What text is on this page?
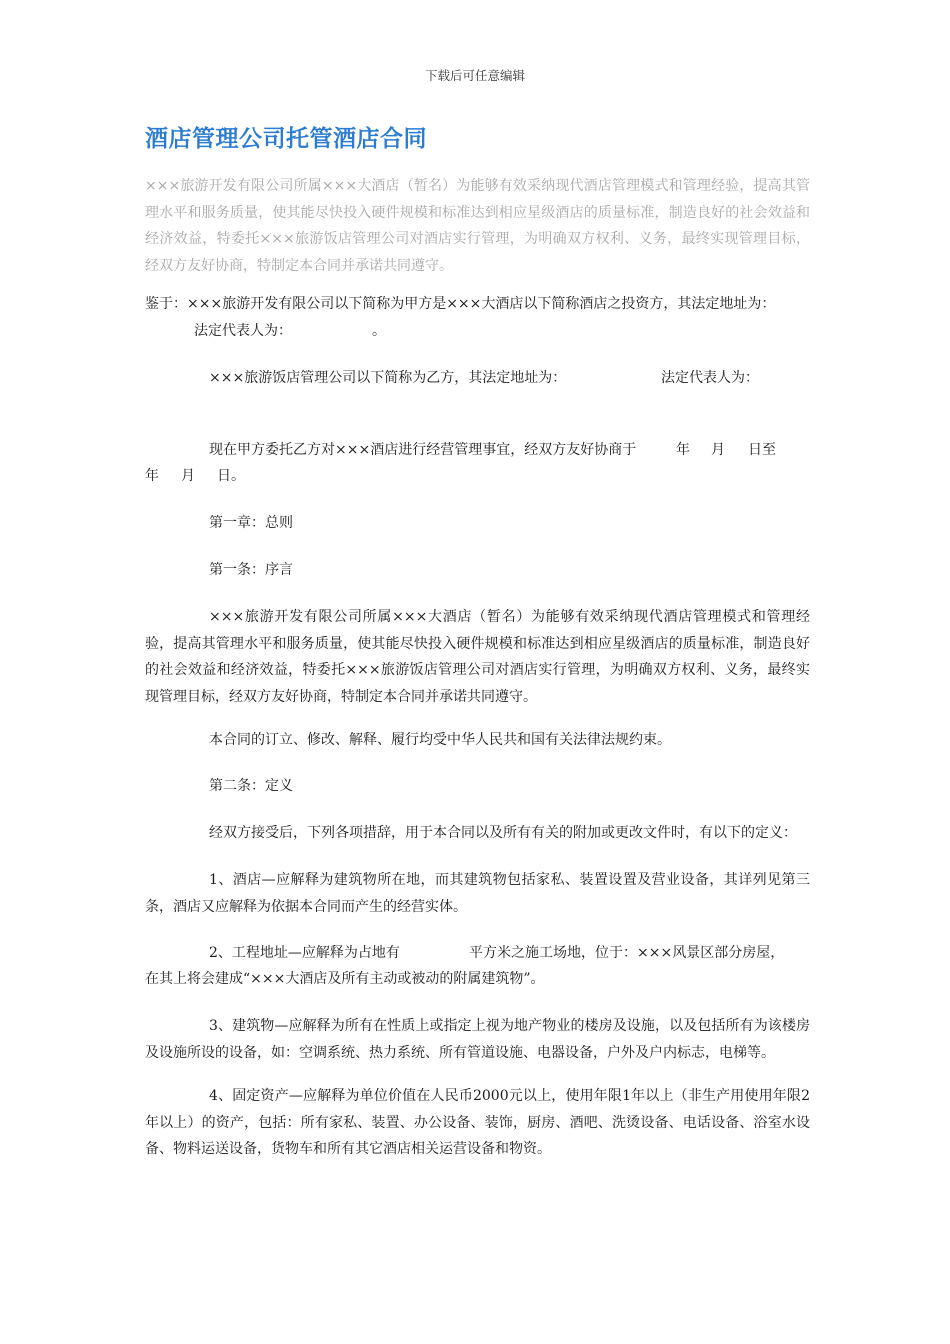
下载后可任意编辑
酒店管理公司托管酒店合同
×××旅游开发有限公司所属×××大酒店（暂名）为能够有效采纳现代酒店管理模式和管理经验，提高其管理水平和服务质量，使其能尽快投入硬件规模和标准达到相应星级酒店的质量标准，制造良好的社会效益和经济效益，特委托×××旅游饭店管理公司对酒店实行管理，为明确双方权利、义务，最终实现管理目标，经双方友好协商，特制定本合同并承诺共同遵守。
鉴于：×××旅游开发有限公司以下简称为甲方是×××大酒店以下简称酒店之投资方，其法定地址为：
法定代表人为：	。
×××旅游饭店管理公司以下简称为乙方，其法定地址为：	法定代表人为：
现在甲方委托乙方对×××酒店进行经营管理事宜，经双方友好协商于	年 月 日至
年 月 日。
第一章：总则
第一条：序言
×××旅游开发有限公司所属×××大酒店（暂名）为能够有效采纳现代酒店管理模式和管理经验，提高其管理水平和服务质量，使其能尽快投入硬件规模和标准达到相应星级酒店的质量标准，制造良好的社会效益和经济效益，特委托×××旅游饭店管理公司对酒店实行管理，为明确双方权利、义务，最终实现管理目标，经双方友好协商，特制定本合同并承诺共同遵守。
本合同的订立、修改、解释、履行均受中华人民共和国有关法律法规约束。
第二条：定义
经双方接受后，下列各项措辞，用于本合同以及所有有关的附加或更改文件时，有以下的定义：
1、酒店—应解释为建筑物所在地，而其建筑物包括家私、装置设置及营业设备，其详列见第三条，酒店又应解释为依据本合同而产生的经营实体。
2、工程地址—应解释为占地有	平方米之施工场地，位于：×××风景区部分房屋，
在其上将会建成“×××大酒店及所有主动或被动的附属建筑物”。
3、建筑物—应解释为所有在性质上或指定上视为地产物业的楼房及设施，以及包括所有为该楼房及设施所设的设备，如：空调系统、热力系统、所有管道设施、电器设备，户外及户内标志，电梯等。
4、固定资产—应解释为单位价值在人民币2000元以上，使用年限1年以上（非生产用使用年限2年以上）的资产，包括：所有家私、装置、办公设备、装饰，厨房、酒吧、洗烫设备、电话设备、浴室水设备、物料运送设备，货物车和所有其它酒店相关运营设备和物资。
